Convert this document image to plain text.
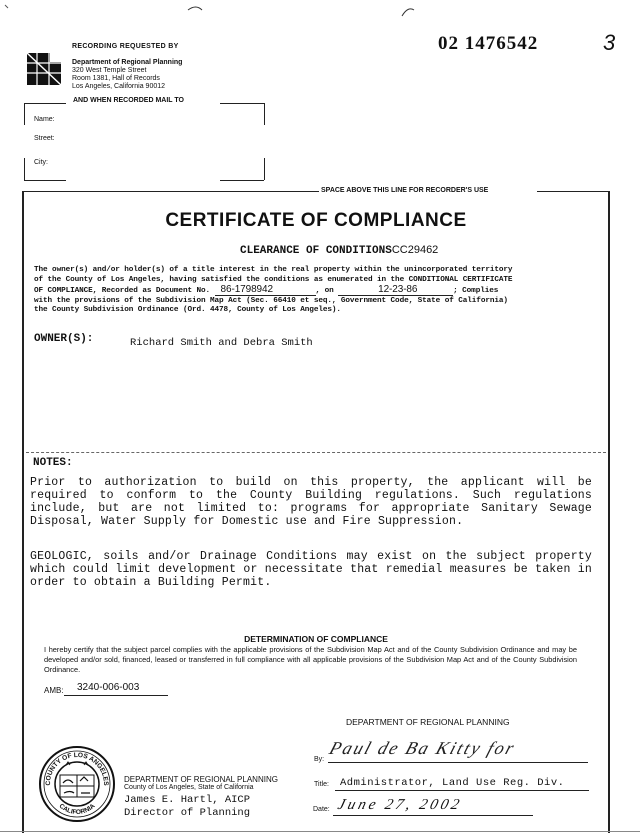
RECORDING REQUESTED BY
Department of Regional Planning
320 West Temple Street
Room 1381, Hall of Records
Los Angeles, California 90012
AND WHEN RECORDED MAIL TO
02 1476542	3
Name:
Street:
City:
SPACE ABOVE THIS LINE FOR RECORDER'S USE
CERTIFICATE OF COMPLIANCE
CLEARANCE OF CONDITIONSCC29462
The owner(s) and/or holder(s) of a title interest in the real property within the unincorporated territory
of the County of Los Angeles, having satisfied the conditions as enumerated in the CONDITIONAL CERTIFICATE
OF COMPLIANCE, Recorded as Document No. 86-1798942	, on	12-23-86	; Complies
with the provisions of the Subdivision Map Act (Sec. 66410 et seq., Government Code, State of California)
the County Subdivision Ordinance (Ord. 4478, County of Los Angeles).
OWNER(S):	Richard Smith and Debra Smith
NOTES:
Prior to authorization to build on this property, the applicant will be required to conform to the County Building regulations. Such regulations include, but are not limited to: programs for appropriate Sanitary Sewage Disposal, Water Supply for Domestic use and Fire Suppression.
GEOLOGIC, soils and/or Drainage Conditions may exist on the subject property which could limit development or necessitate that remedial measures be taken in order to obtain a Building Permit.
DETERMINATION OF COMPLIANCE
I hereby certify that the subject parcel complies with the applicable provisions of the Subdivision Map Act and of the County Subdivision Ordinance and may be developed and/or sold, financed, leased or transferred in full compliance with all applicable provisions of the Subdivision Map Act and of the County Subdivision Ordinance.
AMB: 3240-006-003
DEPARTMENT OF REGIONAL PLANNING
By:
Paul de Ba Kitty for
Title: Administrator, Land Use Reg. Div.
Date: June 27, 2002
COUNTY OF LOS ANGELES
CALIFORNIA
DEPARTMENT OF REGIONAL PLANNING
County of Los Angeles, State of California
James E. Hartl, AICP
Director of Planning
